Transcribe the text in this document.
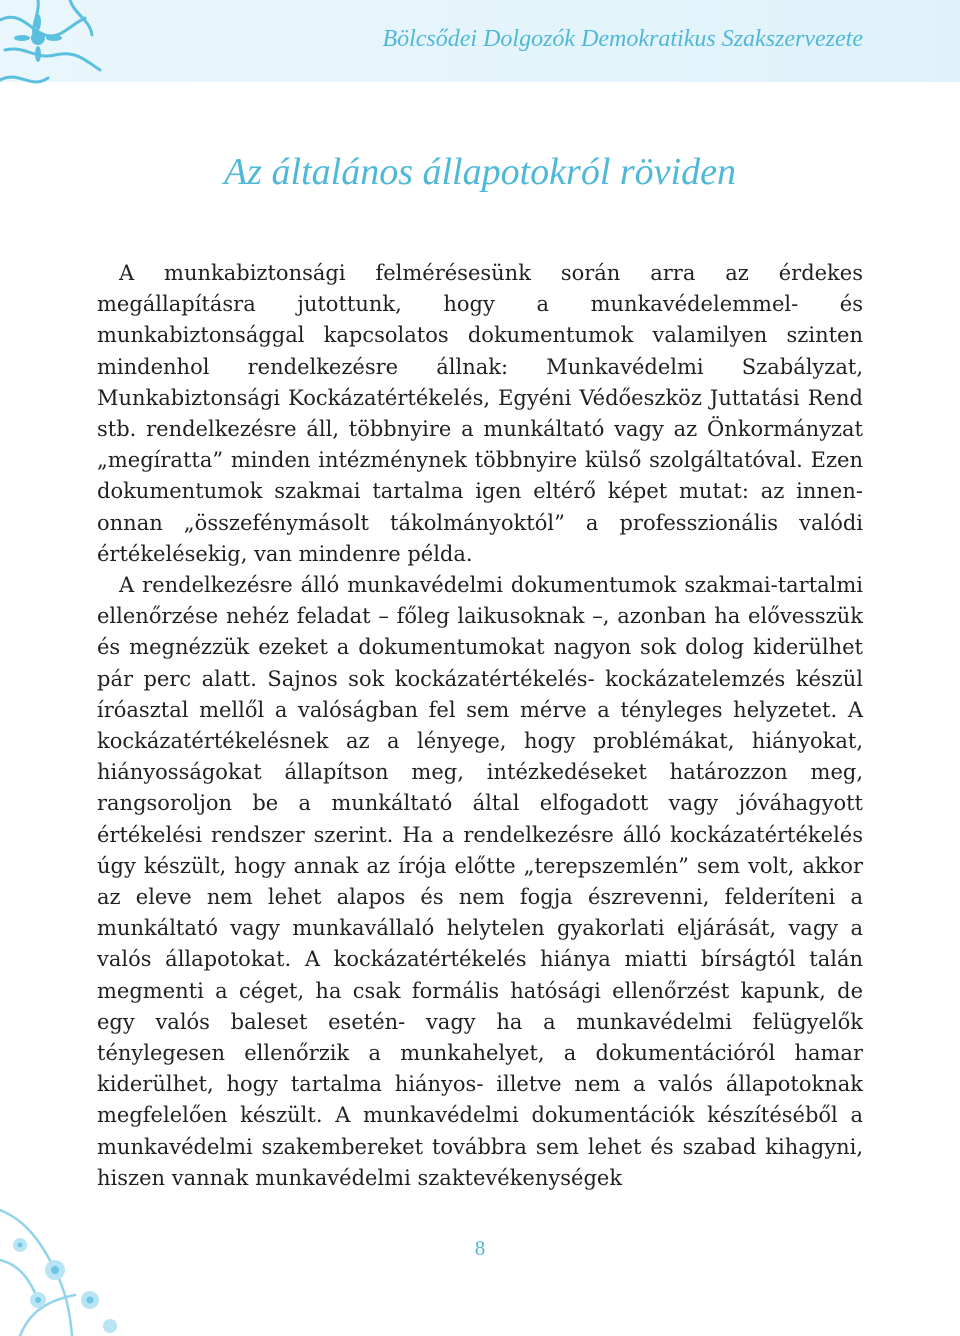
Bölcsődei Dolgozók Demokratikus Szakszervezete
Az általános állapotokról röviden

A munkabiztonsági felmérésesünk során arra az érdekes megállapításra jutottunk, hogy a munkavédelemmel- és munkabiztonsággal kapcsolatos dokumentumok valamilyen szinten mindenhol rendelkezésre állnak: Munkavédelmi Szabályzat, Munkabiztonsági Kockázatértékelés, Egyéni Védőeszköz Juttatási Rend stb. rendelkezésre áll, többnyire a munkáltató vagy az Önkormányzat „megíratta” minden intézménynek többnyire külső szolgáltatóval. Ezen dokumentumok szakmai tartalma igen eltérő képet mutat: az innen-onnan „összefénymásolt tákolmányoktól” a professzionális valódi értékelésekig, van mindenre példa.

A rendelkezésre álló munkavédelmi dokumentumok szakmai-tartalmi ellenőrzése nehéz feladat – főleg laikusoknak –, azonban ha elővesszük és megnézzük ezeket a dokumentumokat nagyon sok dolog kiderülhet pár perc alatt. Sajnos sok kockázatértékelés- kockázatelemzés készül íróasztal mellől a valóságban fel sem mérve a tényleges helyzetet. A kockázatértékelésnek az a lényege, hogy problémákat, hiányokat, hiányosságokat állapítson meg, intézkedéseket határozzon meg, rangsoroljon be a munkáltató által elfogadott vagy jóváhagyott értékelési rendszer szerint. Ha a rendelkezésre álló kockázatértékelés úgy készült, hogy annak az írója előtte „terepszemlén” sem volt, akkor az eleve nem lehet alapos és nem fogja észrevenni, felderíteni a munkáltató vagy munkavállaló helytelen gyakorlati eljárását, vagy a valós állapotokat. A kockázatértékelés hiánya miatti bírságtól talán megmenti a céget, ha csak formális hatósági ellenőrzést kapunk, de egy valós baleset esetén- vagy ha a munkavédelmi felügyelők ténylegesen ellenőrzik a munkahelyet, a dokumentációról hamar kiderülhet, hogy tartalma hiányos- illetve nem a valós állapotoknak megfelelően készült. A munkavédelmi dokumentációk készítéséből a munkavédelmi szakembereket továbbra sem lehet és szabad kihagyni, hiszen vannak munkavédelmi szaktevékenységek

8
